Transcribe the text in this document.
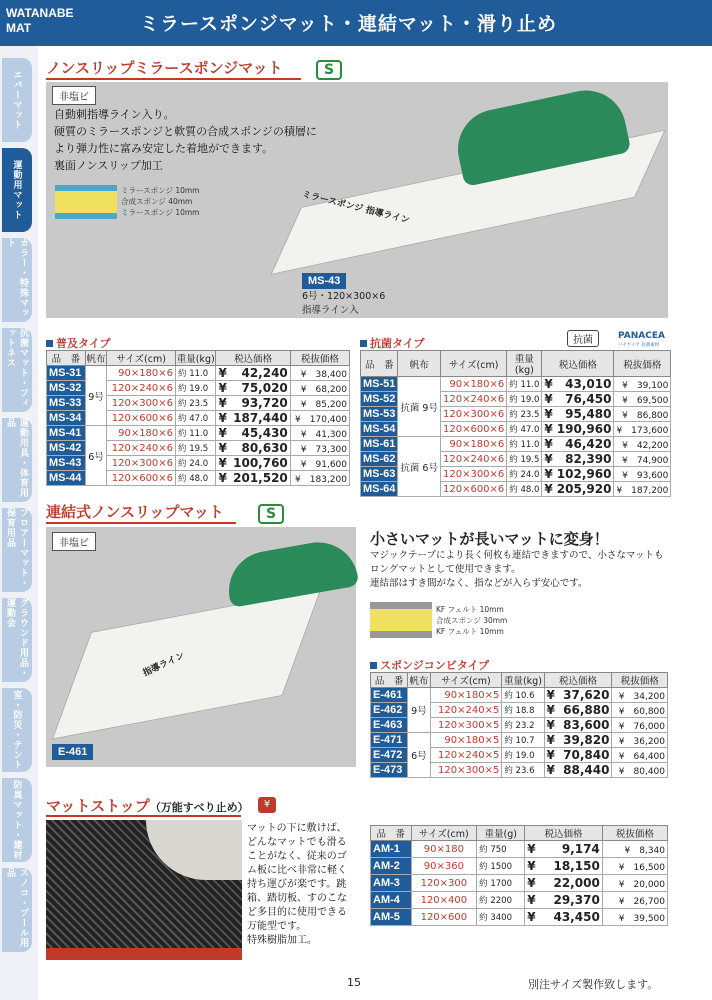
WATANABE
MAT	ミラースポンジマット・連結マット・滑り止め
エバーマット
運動用マット
カラー・特殊マット
抗菌マット・フィットネス
運動用具・体育用品
フロアーマット・保育用品
グラウンド用品・運動会
室・防災・テント
防臭マット・建材
スノコ・プール用品
ノンスリップミラースポンジマット	S
ミラースポンジ 指導ライン
非塩ビ
自動刺指導ライン入り。
硬質のミラースポンジと軟質の合成スポンジの積層に
より弾力性に富み安定した着地ができます。
裏面ノンスリップ加工
ミラースポンジ 10mm
合成スポンジ 40mm
ミラースポンジ 10mm
MS-43
6号・120×300×6
指導ライン入
普及タイプ
品　番	帆布	サイズ(cm)	重量(kg)	税込価格		税抜価格
MS-31	9号	90×180×6	約 11.0	¥	42,240	¥　38,400
MS-32		120×240×6	約 19.0	¥	75,020	¥　68,200
MS-33		120×300×6	約 23.5	¥	93,720	¥　85,200
MS-34		120×600×6	約 47.0	¥	187,440	¥　170,400
MS-41	6号	90×180×6	約 11.0	¥	45,430	¥　41,300
MS-42		120×240×6	約 19.5	¥	80,630	¥　73,300
MS-43		120×300×6	約 24.0	¥	100,760	¥　91,600
MS-44		120×600×6	約 48.0	¥	201,520	¥　183,200
抗菌タイプ	抗菌	PANACEA
パナケイア 抗菌素材
品　番	帆布	サイズ(cm)	重量(kg)	税込価格		税抜価格
MS-51	抗菌 9号	90×180×6	約 11.0	¥	43,010	¥　39,100
MS-52		120×240×6	約 19.0	¥	76,450	¥　69,500
MS-53		120×300×6	約 23.5	¥	95,480	¥　86,800
MS-54		120×600×6	約 47.0	¥	190,960	¥　173,600
MS-61	抗菌 6号	90×180×6	約 11.0	¥	46,420	¥　42,200
MS-62		120×240×6	約 19.5	¥	82,390	¥　74,900
MS-63		120×300×6	約 24.0	¥	102,960	¥　93,600
MS-64		120×600×6	約 48.0	¥	205,920	¥　187,200
連結式ノンスリップマット	S
指導ライン
非塩ビ
E-461
小さいマットが長いマットに変身！
マジックテープにより長く何枚も連結できますので、小さなマットも
ロングマットとして使用できます。
連結部はすき間がなく、指などが入らず安心です。
KF フェルト 10mm
合成スポンジ 30mm
KF フェルト 10mm
スポンジコンビタイプ
品　番	帆布	サイズ(cm)	重量(kg)	税込価格		税抜価格
E-461	9号	90×180×5	約 10.6	¥	37,620	¥　34,200
E-462		120×240×5	約 18.8	¥	66,880	¥　60,800
E-463		120×300×5	約 23.2	¥	83,600	¥　76,000
E-471	6号	90×180×5	約 10.7	¥	39,820	¥　36,200
E-472		120×240×5	約 19.0	¥	70,840	¥　64,400
E-473		120×300×5	約 23.6	¥	88,440	¥　80,400
マットストップ（万能すべり止め）	¥
マットの下に敷けば、
どんなマットでも滑る
ことがなく、従来のゴ
ム板に比べ非常に軽く
持ち運びが楽です。跳
箱、踏切板、すのこな
ど多目的に使用できる
万能型です。
特殊樹脂加工。
品　番	サイズ(cm)	重量(g)	税込価格		税抜価格
AM-1	90×180	約 750	¥	9,174	¥　8,340
AM-2	90×360	約 1500	¥	18,150	¥　16,500
AM-3	120×300	約 1700	¥	22,000	¥　20,000
AM-4	120×400	約 2200	¥	29,370	¥　26,700
AM-5	120×600	約 3400	¥	43,450	¥　39,500
15	別注サイズ製作致します。
